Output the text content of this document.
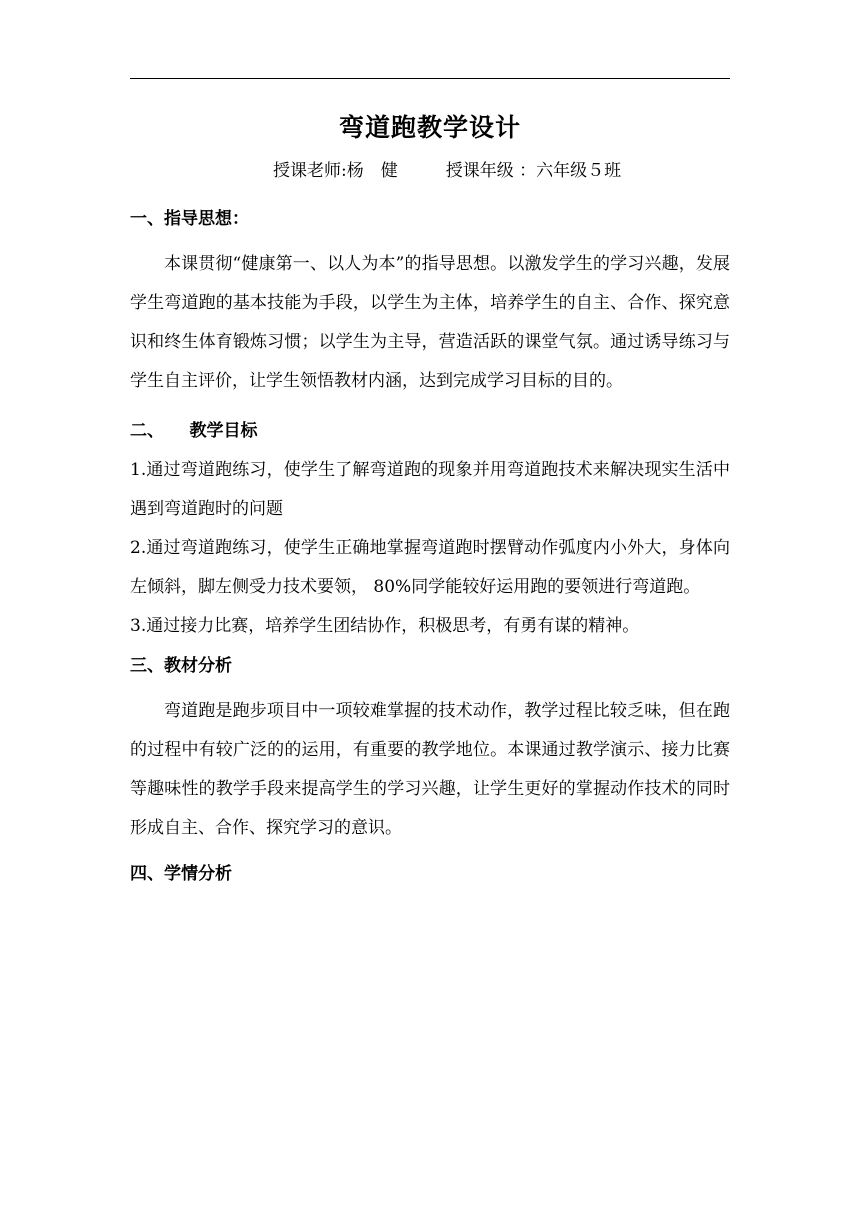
弯道跑教学设计
授课老师:杨　健	授课年级 ：六年级５班

一、指导思想：

本课贯彻“健康第一、以人为本”的指导思想。以激发学生的学习兴趣，发展学生弯道跑的基本技能为手段，以学生为主体，培养学生的自主、合作、探究意识和终生体育锻炼习惯；以学生为主导，营造活跃的课堂气氛。通过诱导练习与学生自主评价，让学生领悟教材内涵，达到完成学习目标的目的。

二、　　教学目标

1.通过弯道跑练习，使学生了解弯道跑的现象并用弯道跑技术来解决现实生活中遇到弯道跑时的问题

2.通过弯道跑练习，使学生正确地掌握弯道跑时摆臂动作弧度内小外大，身体向左倾斜，脚左侧受力技术要领， 80%同学能较好运用跑的要领进行弯道跑。

3.通过接力比赛，培养学生团结协作，积极思考，有勇有谋的精神。

三、教材分析

弯道跑是跑步项目中一项较难掌握的技术动作，教学过程比较乏味，但在跑的过程中有较广泛的的运用，有重要的教学地位。本课通过教学演示、接力比赛等趣味性的教学手段来提高学生的学习兴趣，让学生更好的掌握动作技术的同时形成自主、合作、探究学习的意识。

四、学情分析
